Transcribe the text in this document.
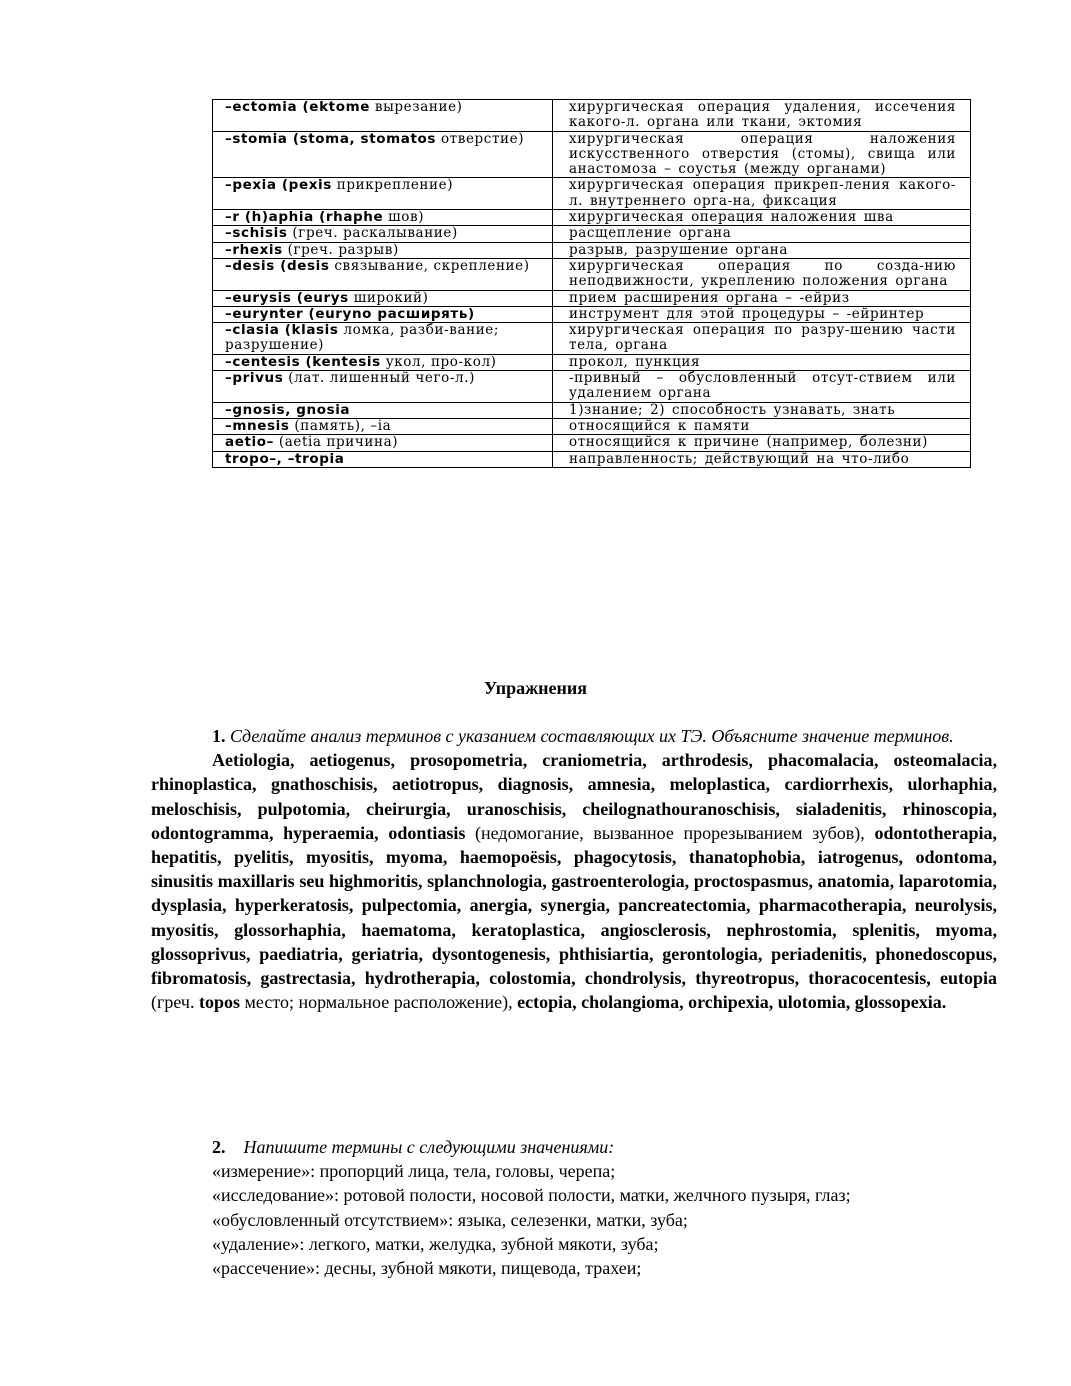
–ectomia (ektome вырезание)	хирургическая операция удаления, иссечения какого-л. органа или ткани, эктомия
–stomia (stoma, stomatos отверстие)	хирургическая операция наложения искусственного отверстия (стомы), свища или анастомоза – соустья (между органами)
–pexia (pexis прикрепление)	хирургическая операция прикреп-ления какого-л. внутреннего орга-на, фиксация
–r (h)aphia (rhaphe шов)	хирургическая операция наложения шва
–schisis (греч. раскалывание)	расщепление органа
–rhexis (греч. разрыв)	разрыв, разрушение органа
–desis (desis связывание, скрепление)	хирургическая операция по созда-нию неподвижности, укреплению положения органа
–eurysis (eurys широкий)	прием расширения органа – -ейриз
–eurynter (euryno расширять)	инструмент для этой процедуры – -ейринтер
–clasia (klasis ломка, разби-вание; разрушение)	хирургическая операция по разру-шению части тела, органа
–centesis (kentesis укол, про-кол)	прокол, пункция
–privus (лат. лишенный чего-л.)	-привный – обусловленный отсут-ствием или удалением органа
–gnosis, gnosia	1)знание; 2) способность узнавать, знать
–mnesis (память), –ia	относящийся к памяти
aetio– (aetia причина)	относящийся к причине (например, болезни)
tropo–, –tropia	направленность; действующий на что-либо
Упражнения
1. Сделайте анализ терминов с указанием составляющих их ТЭ. Объясните значение терминов.
Aetiologia, aetiogenus, prosopometria, craniometria, arthrodesis, phacomalacia, osteomalacia, rhinoplastica, gnathoschisis, aetiotropus, diagnosis, amnesia, meloplastica, cardiorrhexis, ulorhaphia, meloschisis, pulpotomia, cheirurgia, uranoschisis, cheilognathouranoschisis, sialadenitis, rhinoscopia, odontogramma, hyperaemia, odontiasis (недомогание, вызванное прорезыванием зубов), odontotherapia, hepatitis, pyelitis, myositis, myoma, haemopoësis, phagocytosis, thanatophobia, iatrogenus, odontoma, sinusitis maxillaris seu highmoritis, splanchnologia, gastroenterologia, proctospasmus, anatomia, laparotomia, dysplasia, hyperkeratosis, pulpectomia, anergia, synergia, pancreatectomia, pharmacotherapia, neurolysis, myositis, glossorhaphia, haematoma, keratoplastica, angiosclerosis, nephrostomia, splenitis, myoma, glossoprivus, paediatria, geriatria, dysontogenesis, phthisiartia, gerontologia, periadenitis, phonedoscopus, fibromatosis, gastrectasia, hydrotherapia, colostomia, chondrolysis, thyreotropus, thoracocentesis, eutopia (греч. topos место; нормальное расположение), ectopia, cholangioma, orchipexia, ulotomia, glossopexia.
2. Напишите термины с следующими значениями:
«измерение»: пропорций лица, тела, головы, черепа;
«исследование»: ротовой полости, носовой полости, матки, желчного пузыря, глаз;
«обусловленный отсутствием»: языка, селезенки, матки, зуба;
«удаление»: легкого, матки, желудка, зубной мякоти, зуба;
«рассечение»: десны, зубной мякоти, пищевода, трахеи;
